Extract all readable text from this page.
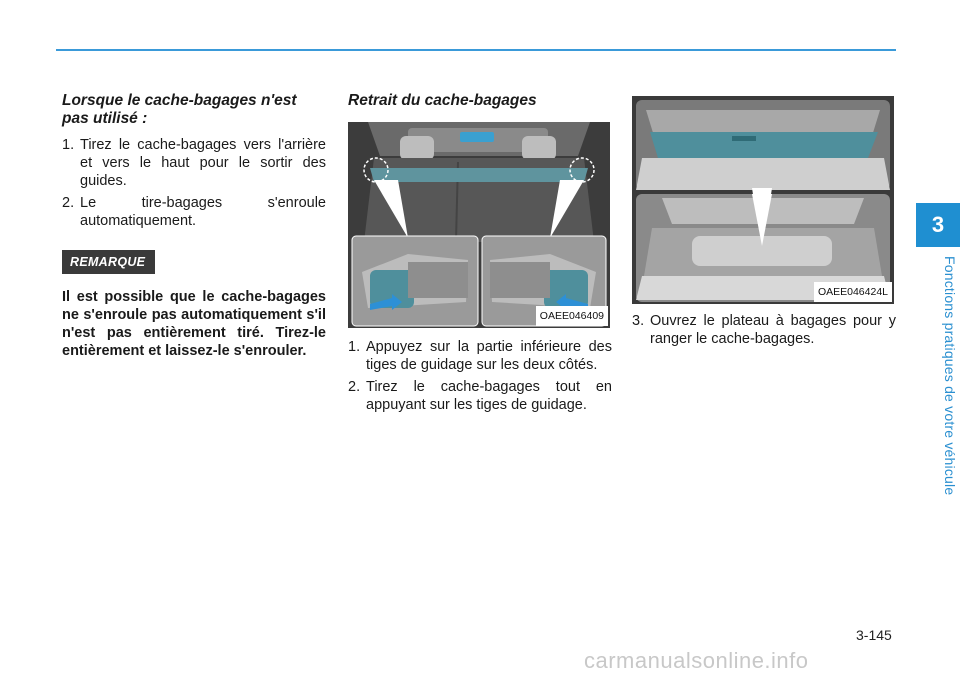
Lorsque le cache-bagages n'est pas utilisé :
1. Tirez le cache-bagages vers l'arrière et vers le haut pour le sortir des guides.
2. Le tire-bagages s'enroule automatiquement.
REMARQUE
Il est possible que le cache-bagages ne s'enroule pas automatiquement s'il n'est pas entièrement tiré. Tirez-le entièrement et laissez-le s'enrouler.
Retrait du cache-bagages
OAEE046409
1. Appuyez sur la partie inférieure des tiges de guidage sur les deux côtés.
2. Tirez le cache-bagages tout en appuyant sur les tiges de guidage.
OAEE046424L
3. Ouvrez le plateau à bagages pour y ranger le cache-bagages.
3
Fonctions pratiques de votre véhicule
3-145
carmanualsonline.info
